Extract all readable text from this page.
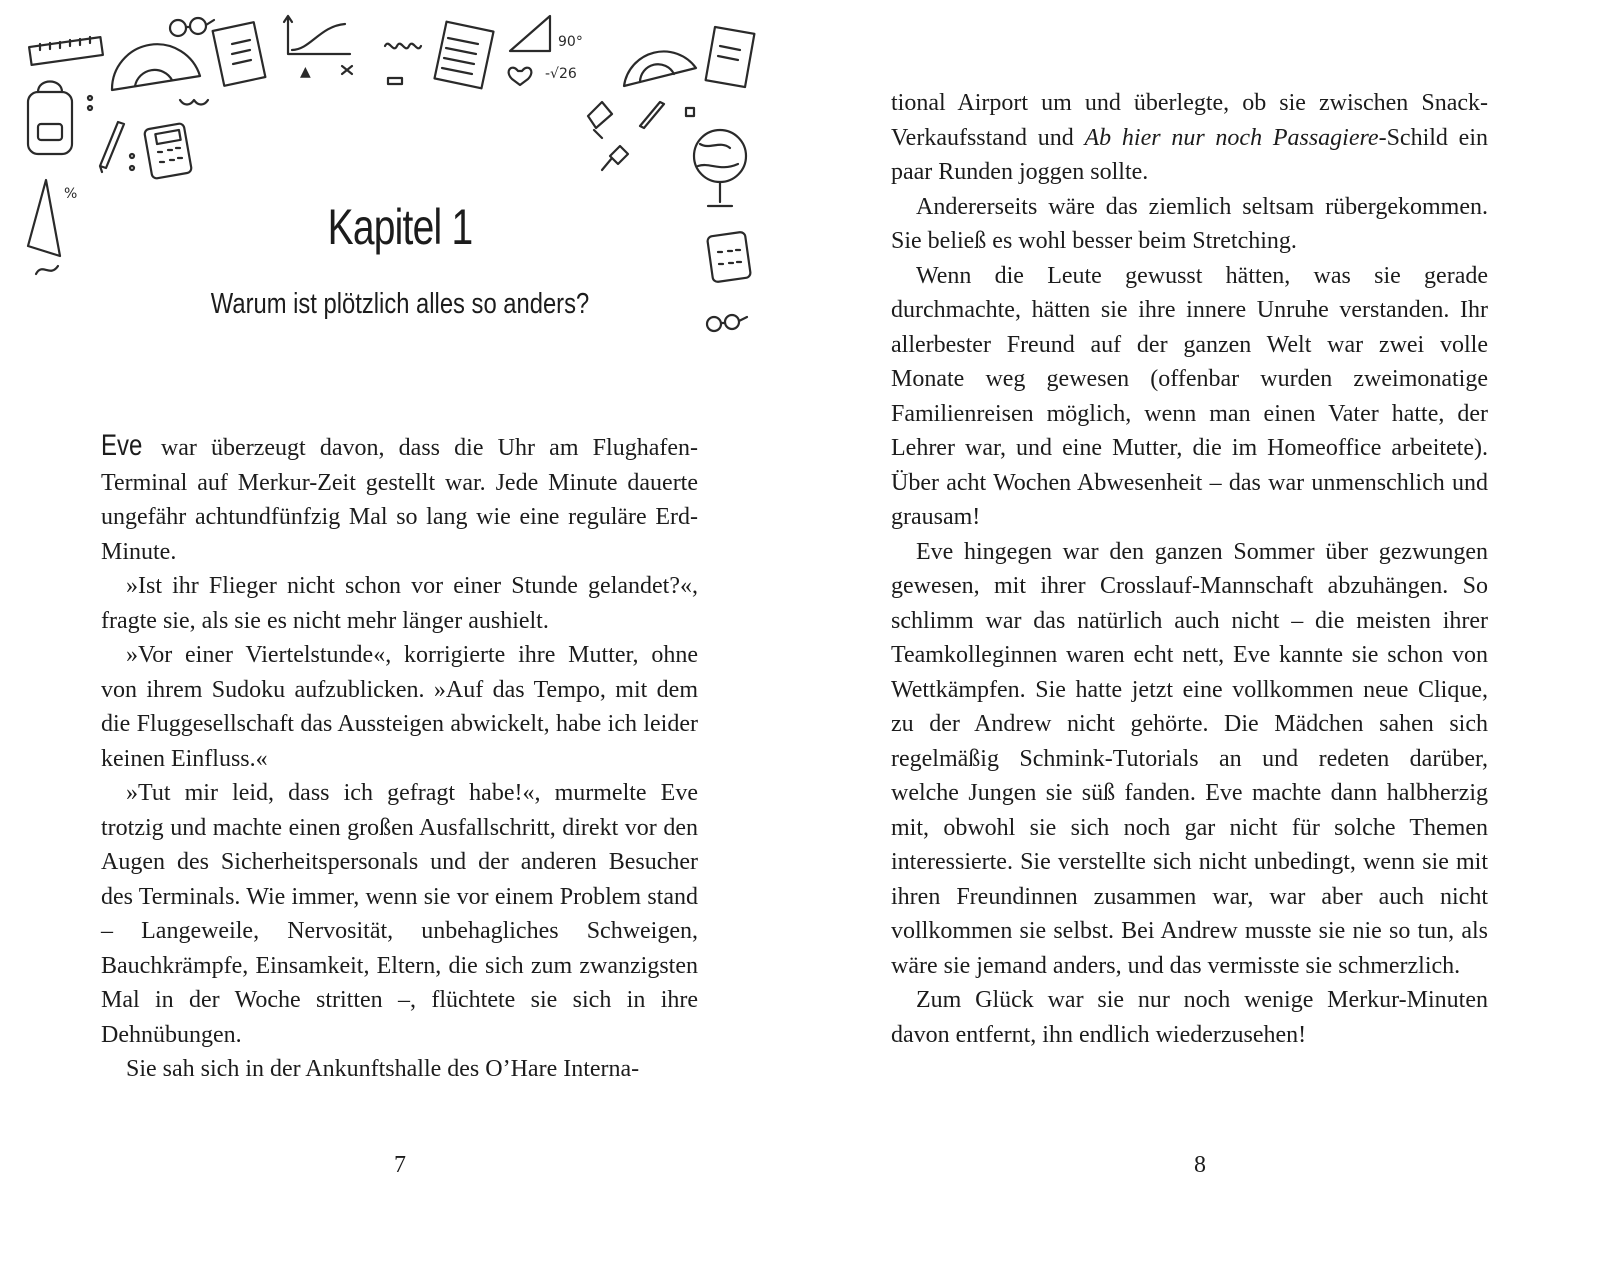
▲
90°
-√26
%
Kapitel 1
Warum ist plötzlich alles so anders?

Eve war überzeugt davon, dass die Uhr am Flughafen-Terminal auf Merkur-Zeit gestellt war. Jede Minute dauerte ungefähr achtundfünfzig Mal so lang wie eine reguläre Erd-Minute.

»Ist ihr Flieger nicht schon vor einer Stunde gelandet?«, fragte sie, als sie es nicht mehr länger aushielt.

»Vor einer Viertelstunde«, korrigierte ihre Mutter, ohne von ihrem Sudoku aufzublicken. »Auf das Tempo, mit dem die Fluggesellschaft das Aussteigen abwickelt, habe ich leider keinen Einfluss.«

»Tut mir leid, dass ich gefragt habe!«, murmelte Eve trotzig und machte einen großen Ausfallschritt, direkt vor den Augen des Sicherheitspersonals und der anderen Besucher des Terminals. Wie immer, wenn sie vor einem Problem stand – Langeweile, Nervosität, unbehagliches Schweigen, Bauchkrämpfe, Einsamkeit, Eltern, die sich zum zwanzigsten Mal in der Woche stritten –, flüchtete sie sich in ihre Dehnübungen.

Sie sah sich in der Ankunftshalle des O’Hare Interna-

7

tional Airport um und überlegte, ob sie zwischen Snack-Verkaufsstand und Ab hier nur noch Passagiere-Schild ein paar Runden joggen sollte.

Andererseits wäre das ziemlich seltsam rübergekommen. Sie beließ es wohl besser beim Stretching.

Wenn die Leute gewusst hätten, was sie gerade durchmachte, hätten sie ihre innere Unruhe verstanden. Ihr allerbester Freund auf der ganzen Welt war zwei volle Monate weg gewesen (offenbar wurden zweimonatige Familienreisen möglich, wenn man einen Vater hatte, der Lehrer war, und eine Mutter, die im Homeoffice arbeitete). Über acht Wochen Abwesenheit – das war unmenschlich und grausam!

Eve hingegen war den ganzen Sommer über gezwungen gewesen, mit ihrer Crosslauf-Mannschaft abzuhängen. So schlimm war das natürlich auch nicht – die meisten ihrer Teamkolleginnen waren echt nett, Eve kannte sie schon von Wettkämpfen. Sie hatte jetzt eine vollkommen neue Clique, zu der Andrew nicht gehörte. Die Mädchen sahen sich regelmäßig Schmink-Tutorials an und redeten darüber, welche Jungen sie süß fanden. Eve machte dann halbherzig mit, obwohl sie sich noch gar nicht für solche Themen interessierte. Sie verstellte sich nicht unbedingt, wenn sie mit ihren Freundinnen zusammen war, war aber auch nicht vollkommen sie selbst. Bei Andrew musste sie nie so tun, als wäre sie jemand anders, und das vermisste sie schmerzlich.

Zum Glück war sie nur noch wenige Merkur-Minuten davon entfernt, ihn endlich wiederzusehen!

8
